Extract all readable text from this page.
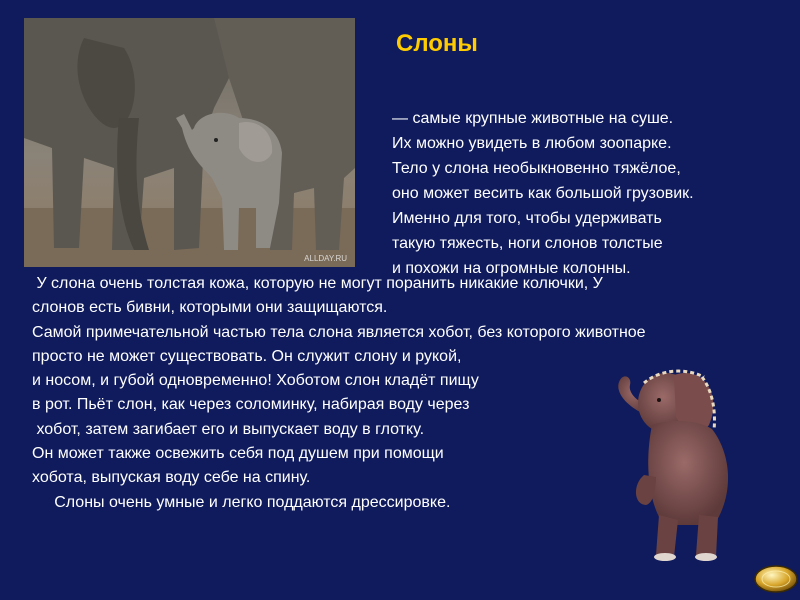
ALLDAY.RU
Слоны
— самые крупные животные на суше.
Их можно увидеть в любом зоопарке.
Тело у слона необыкновенно тяжёлое,
оно может весить как большой грузовик.
Именно для того, чтобы удерживать
такую тяжесть, ноги слонов толстые
и похожи на огромные колонны.
У слона очень толстая кожа, которую не могут поранить никакие колючки, У
слонов есть бивни, которыми они защищаются.
Самой примечательной частью тела слона является хобот, без которого животное
просто не может существовать. Он служит слону и рукой,
и носом, и губой одновременно! Хоботом слон кладёт пищу
в рот. Пьёт слон, как через соломинку, набирая воду через
хобот, затем загибает его и выпускает воду в глотку.
Он может также освежить себя под душем при помощи
хобота, выпуская воду себе на спину.
Слоны очень умные и легко поддаются дрессировке.
